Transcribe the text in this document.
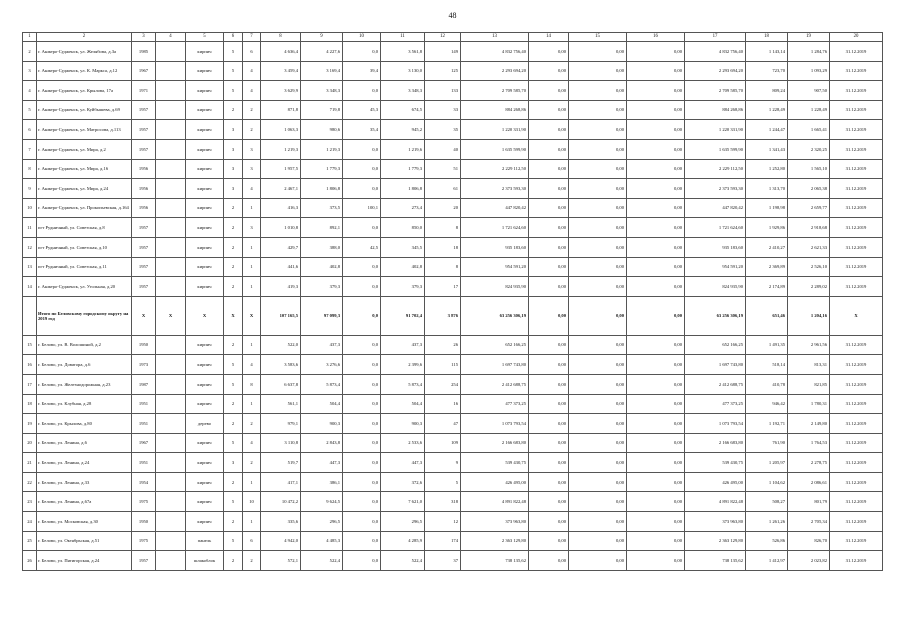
48
1	2	3	4	5	6	7	8	9	10	11	12	13	14	15	16	17	18	19	20
2	г. Анжеро-Судженск, ул. Желябова, д.3а	1985		кирпич	5	6	4 636,4	4 227,6	0,0	3 561,8	149	4 832 756,40	0,00	0,00	0,00	4 832 756,40	1 143,14	1 284,76	31.12.2019
3	г. Анжеро-Судженск, ул. К. Маркса, д.12	1967		кирпич	5	4	3 459,4	3 169,4	39,4	3 130,0	125	2 293 694,20	0,00	0,00	0,00	2 293 694,20	723,70	1 093,29	31.12.2019
4	г. Анжеро-Судженск, ул. Крылова, 17а	1971		кирпич	5	4	3 629,9	3 348,3	0,0	3 348,3	133	2 709 585,70	0,00	0,00	0,00	2 709 585,70	809,24	907,50	31.12.2019
5	г. Анжеро-Судженск, ул. Куйбышева, д.69	1957		кирпич	2	2	871,8	719,8	45,3	674,5	33	884 268,86	0,00	0,00	0,00	884 268,86	1 228,49	1 228,49	31.12.2019
6	г. Анжеро-Судженск, ул. Матросова, д.113	1957		кирпич	3	2	1 063,3	980,6	35,4	945,2	35	1 220 331,90	0,00	0,00	0,00	1 220 331,90	1 244,47	1 665,41	31.12.2019
7	г. Анжеро-Судженск, ул. Мира, д.2	1957		кирпич	3	3	1 219,3	1 219,3	0,0	1 219,6	40	1 635 599,90	0,00	0,00	0,00	1 635 599,90	1 341,43	2 320,25	31.12.2019
8	г. Анжеро-Судженск, ул. Мира, д.16	1956		кирпич	3	3	1 957,5	1 779,3	0,0	1 779,3	51	2 229 112,50	0,00	0,00	0,00	2 229 112,50	1 252,80	1 565,10	31.12.2019
9	г. Анжеро-Судженск, ул. Мира, д.24	1956		кирпич	3	4	2 467,1	1 806,8	0,0	1 806,8	61	2 373 593,30	0,00	0,00	0,00	2 373 593,30	1 313,70	2 065,38	31.12.2019
10	г. Анжеро-Судженск, ул. Прокопьевская, д.164	1956		кирпич	2	1	416,3	373,5	100,1	273,4	20	447 820,42	0,00	0,00	0,00	447 820,42	1 198,98	2 659,77	31.12.2019
11	пгт Рудничный, ул. Советская, д.8	1957		кирпич	2	3	1 010,8	892,1	0,0	850,0	8	1 721 624,60	0,00	0,00	0,00	1 721 624,60	1 929,86	2 918,68	31.12.2019
12	пгт Рудничный, ул. Советская, д.10	1957		кирпич	2	1	429,7	388,0	42,5	345,5	18	935 183,60	0,00	0,00	0,00	935 183,60	2 410,27	2 621,33	31.12.2019
13	пгт Рудничный, ул. Советская, д.11	1957		кирпич	2	1	441,6	402,8	0,0	402,8	8	954 591,20	0,00	0,00	0,00	954 591,20	2 369,89	2 526,10	31.12.2019
14	г. Анжеро-Судженск, ул. Угольная, д.20	1957		кирпич	2	1	419,3	379,3	0,0	379,3	17	824 935,90	0,00	0,00	0,00	824 935,90	2 174,89	2 289,02	31.12.2019
	Итого по Беловскому городскому округу на 2019 год	X	X	X	X	X	107 165,5	97 099,3	0,0	91 702,4	3 876	63 256 306,19	0,00	0,00	0,00	63 256 306,19	651,46	1 204,16	X
15	г. Белово, ул. В. Волошиной, д.2	1950		кирпич	2	1	522,0	437,3	0,0	437,3	26	652 166,25	0,00	0,00	0,00	652 166,25	1 491,35	2 961,56	31.12.2019
16	г. Белово, ул. Доватора, д.6	1973		кирпич	5	4	3 583,6	3 276,6	0,0	2 399,6	115	1 697 743,80	0,00	0,00	0,00	1 697 743,80	518,14	813,31	31.12.2019
17	г. Белово, ул. Железнодорожная, д.23	1987		кирпич	5	8	6 637,8	5 873,4	0,0	5 873,4	254	2 412 688,75	0,00	0,00	0,00	2 412 688,75	410,78	821,85	31.12.2019
18	г. Белово, ул. Клубная, д.28	1951		кирпич	2	1	561,1	504,4	0,0	504,4	16	477 373,25	0,00	0,00	0,00	477 373,25	946,42	1 780,31	31.12.2019
19	г. Белово, ул. Крылова, д.80	1951		дерево	2	2	979,1	900,3	0,0	900,3	47	1 073 793,54	0,00	0,00	0,00	1 073 793,54	1 192,71	2 149,80	31.12.2019
20	г. Белово, ул. Ленина, д.6	1967		кирпич	5	4	3 110,8	2 843,8	0,0	2 533,6	109	2 166 683,80	0,00	0,00	0,00	2 166 683,80	761,90	1 764,53	31.12.2019
21	г. Белово, ул. Ленина, д.24	1951		кирпич	3	2	519,7	447,3	0,0	447,3	9	539 430,75	0,00	0,00	0,00	539 430,75	1 205,97	2 278,75	31.12.2019
22	г. Белово, ул. Ленина, д.33	1954		кирпич	2	1	417,1	386,1	0,0	372,6	5	426 495,00	0,00	0,00	0,00	426 495,00	1 104,62	2 086,61	31.12.2019
23	г. Белово, ул. Ленина, д.67а	1975		кирпич	5	10	10 472,2	9 624,5	0,0	7 621,0	318	4 891 822,48	0,00	0,00	0,00	4 891 822,48	508,27	801,79	31.12.2019
24	г. Белово, ул. Московская, д.30	1950		кирпич	2	1	335,6	296,5	0,0	296,5	12	373 963,80	0,00	0,00	0,00	373 963,80	1 261,26	2 705,34	31.12.2019
25	г. Белово, ул. Октябрьская, д.51	1975		панель	5	6	4 942,0	4 485,3	0,0	4 285,9	174	2 363 129,80	0,00	0,00	0,00	2 363 129,80	526,86	826,70	31.12.2019
26	г. Белово, ул. Пятигорская, д.24	1957		шлакоблок	2	2	572,1	522,4	0,0	522,4	37	738 135,62	0,00	0,00	0,00	738 135,62	1 412,97	2 023,82	31.12.2019
